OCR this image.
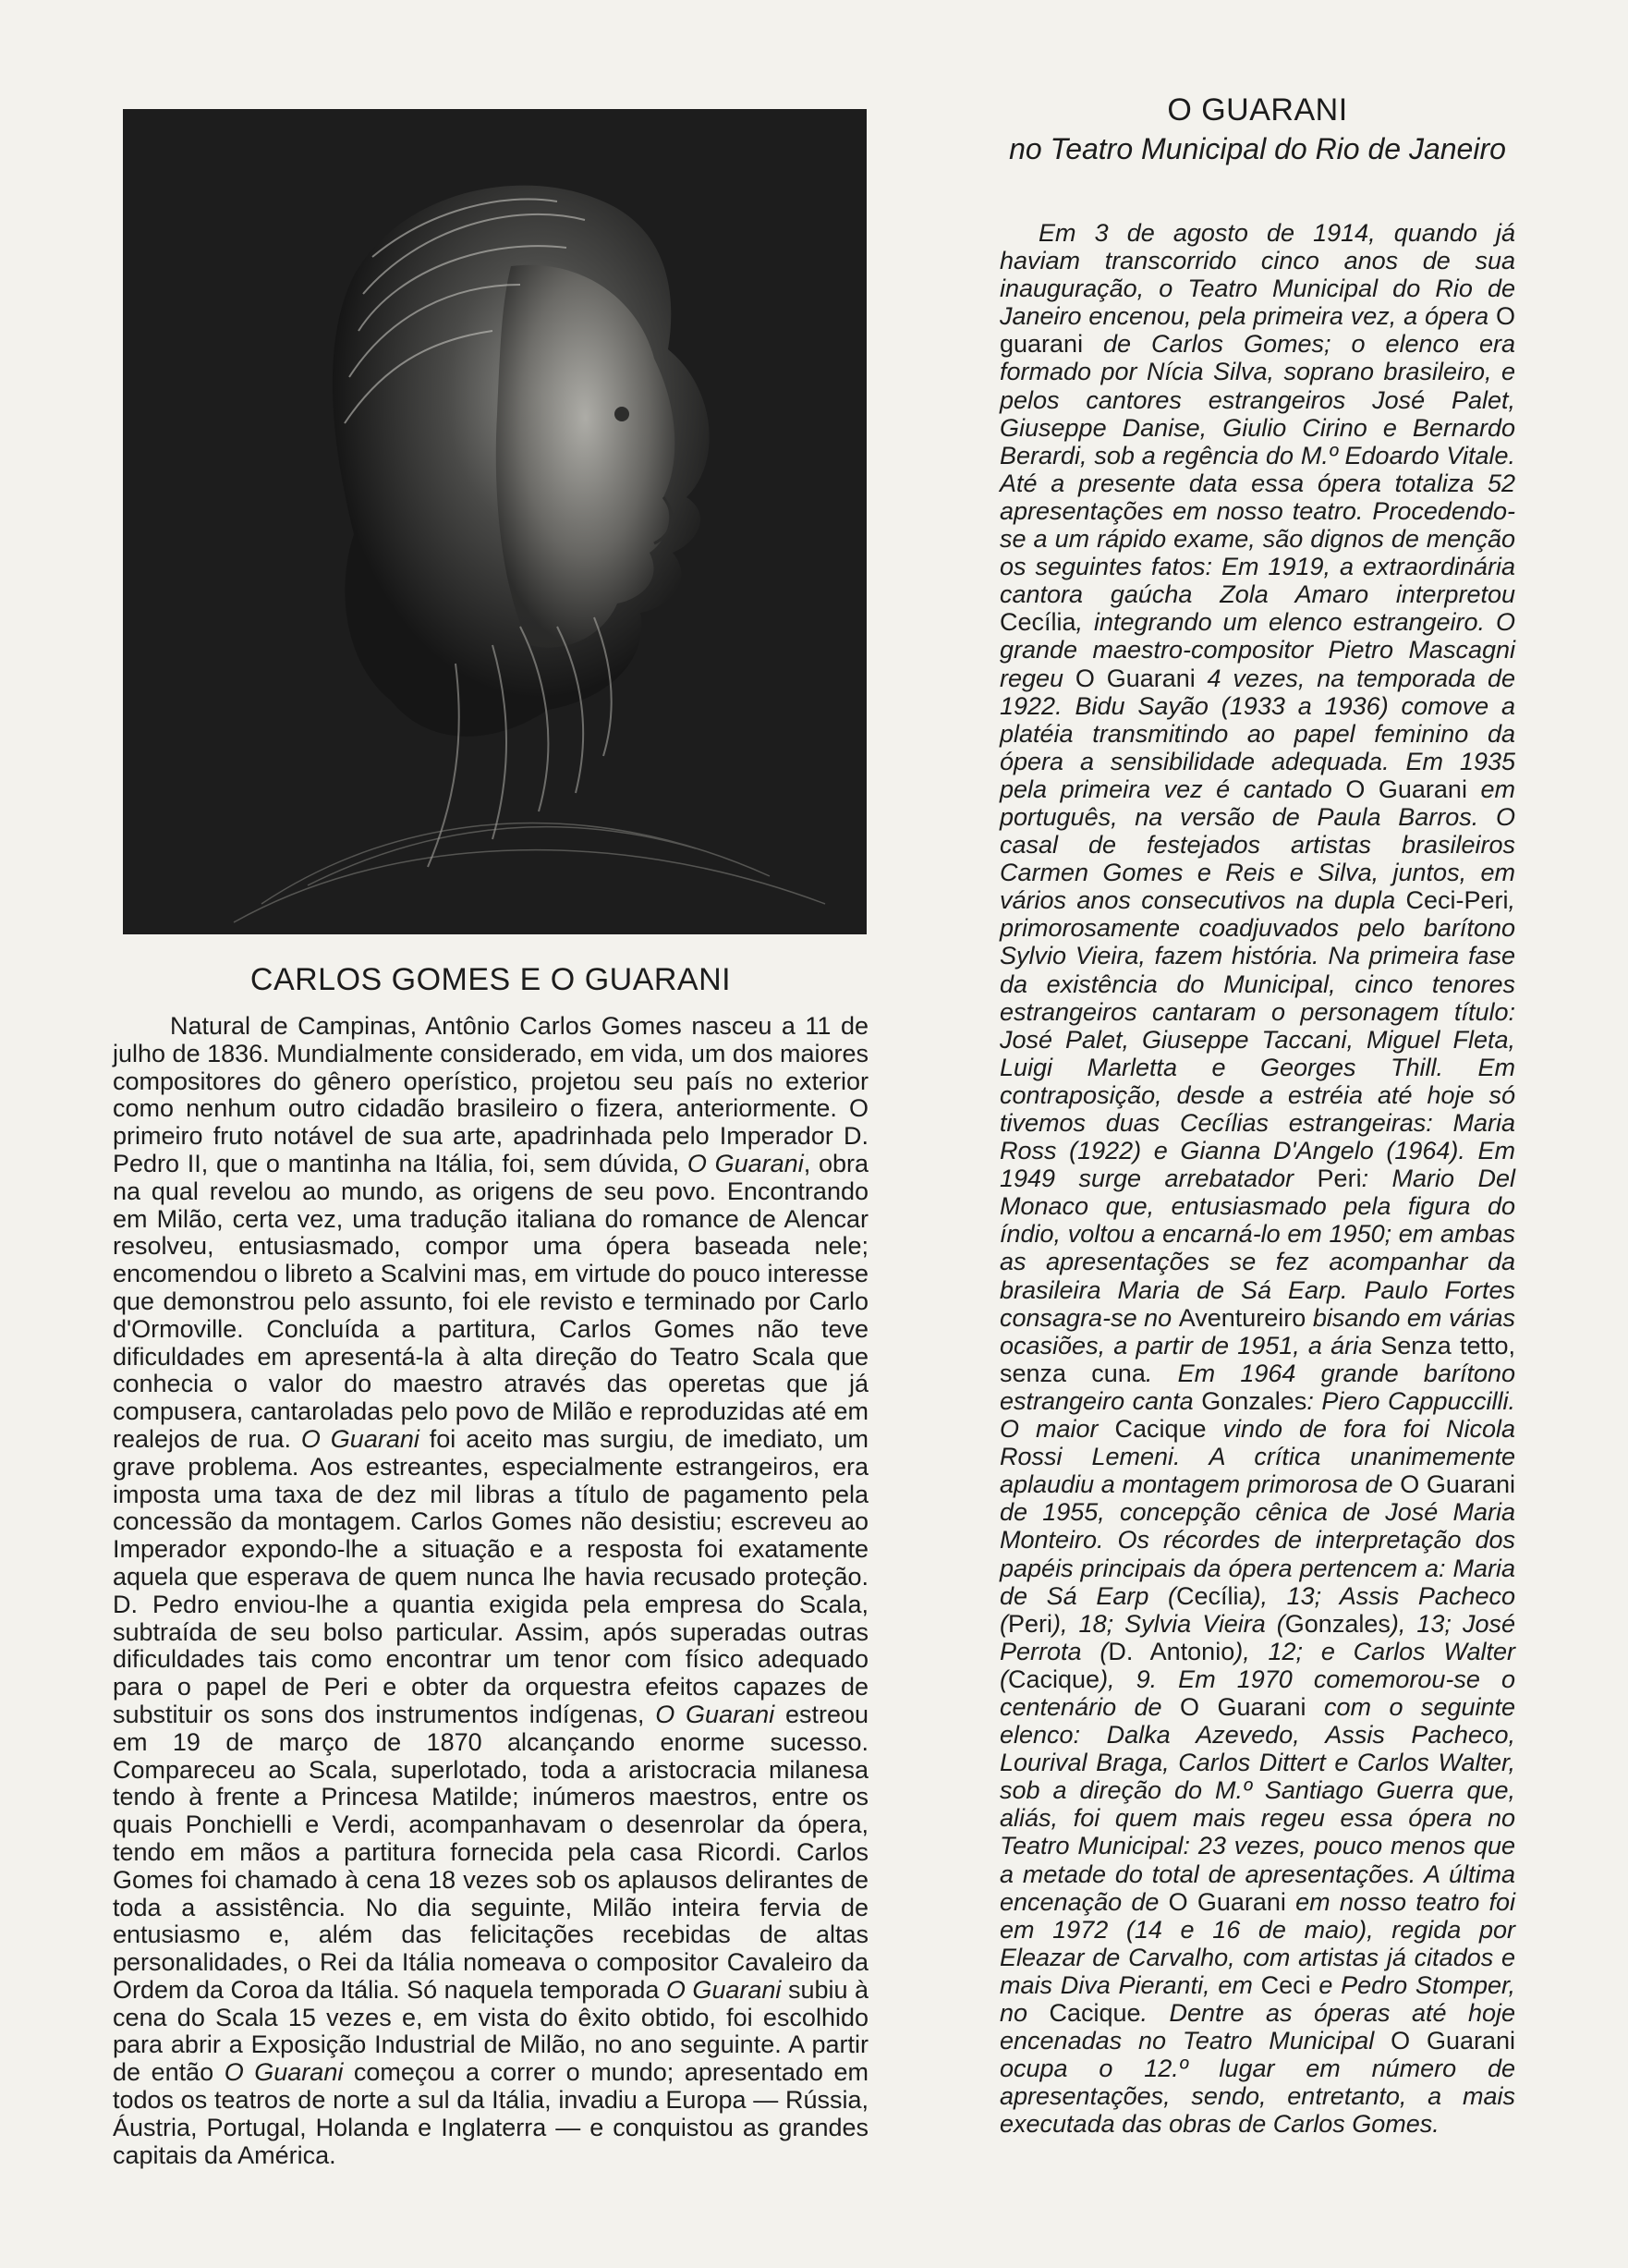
CARLOS GOMES E O GUARANI

Natural de Campinas, Antônio Carlos Gomes nasceu a 11 de julho de 1836. Mundialmente considerado, em vida, um dos maiores compositores do gênero operístico, projetou seu país no exterior como nenhum outro cidadão brasileiro o fizera, anteriormente. O primeiro fruto notável de sua arte, apadrinhada pelo Imperador D. Pedro II, que o mantinha na Itália, foi, sem dúvida, O Guarani, obra na qual revelou ao mundo, as origens de seu povo. Encontrando em Milão, certa vez, uma tradução italiana do romance de Alencar resolveu, entusiasmado, compor uma ópera baseada nele; encomendou o libreto a Scalvini mas, em virtude do pouco interesse que demonstrou pelo assunto, foi ele revisto e terminado por Carlo d'Ormoville. Concluída a partitura, Carlos Gomes não teve dificuldades em apresentá-la à alta direção do Teatro Scala que conhecia o valor do maestro através das operetas que já compusera, cantaroladas pelo povo de Milão e reproduzidas até em realejos de rua. O Guarani foi aceito mas surgiu, de imediato, um grave problema. Aos estreantes, especialmente estrangeiros, era imposta uma taxa de dez mil libras a título de pagamento pela concessão da montagem. Carlos Gomes não desistiu; escreveu ao Imperador expondo-lhe a situação e a resposta foi exatamente aquela que esperava de quem nunca lhe havia recusado proteção. D. Pedro enviou-lhe a quantia exigida pela empresa do Scala, subtraída de seu bolso particular. Assim, após superadas outras dificuldades tais como encontrar um tenor com físico adequado para o papel de Peri e obter da orquestra efeitos capazes de substituir os sons dos instrumentos indígenas, O Guarani estreou em 19 de março de 1870 alcançando enorme sucesso. Compareceu ao Scala, superlotado, toda a aristocracia milanesa tendo à frente a Princesa Matilde; inúmeros maestros, entre os quais Ponchielli e Verdi, acompanhavam o desenrolar da ópera, tendo em mãos a partitura fornecida pela casa Ricordi. Carlos Gomes foi chamado à cena 18 vezes sob os aplausos delirantes de toda a assistência. No dia seguinte, Milão inteira fervia de entusiasmo e, além das felicitações recebidas de altas personalidades, o Rei da Itália nomeava o compositor Cavaleiro da Ordem da Coroa da Itália. Só naquela temporada O Guarani subiu à cena do Scala 15 vezes e, em vista do êxito obtido, foi escolhido para abrir a Exposição Industrial de Milão, no ano seguinte. A partir de então O Guarani começou a correr o mundo; apresentado em todos os teatros de norte a sul da Itália, invadiu a Europa — Rússia, Áustria, Portugal, Holanda e Inglaterra — e conquistou as grandes capitais da América.

O GUARANI
no Teatro Municipal do Rio de Janeiro

Em 3 de agosto de 1914, quando já haviam transcorrido cinco anos de sua inauguração, o Teatro Municipal do Rio de Janeiro encenou, pela primeira vez, a ópera O guarani de Carlos Gomes; o elenco era formado por Nícia Silva, soprano brasileiro, e pelos cantores estrangeiros José Palet, Giuseppe Danise, Giulio Cirino e Bernardo Berardi, sob a regência do M.º Edoardo Vitale. Até a presente data essa ópera totaliza 52 apresentações em nosso teatro. Procedendo-se a um rápido exame, são dignos de menção os seguintes fatos: Em 1919, a extraordinária cantora gaúcha Zola Amaro interpretou Cecília, integrando um elenco estrangeiro. O grande maestro-compositor Pietro Mascagni regeu O Guarani 4 vezes, na temporada de 1922. Bidu Sayão (1933 a 1936) comove a platéia transmitindo ao papel feminino da ópera a sensibilidade adequada. Em 1935 pela primeira vez é cantado O Guarani em português, na versão de Paula Barros. O casal de festejados artistas brasileiros Carmen Gomes e Reis e Silva, juntos, em vários anos consecutivos na dupla Ceci-Peri, primorosamente coadjuvados pelo barítono Sylvio Vieira, fazem história. Na primeira fase da existência do Municipal, cinco tenores estrangeiros cantaram o personagem título: José Palet, Giuseppe Taccani, Miguel Fleta, Luigi Marletta e Georges Thill. Em contraposição, desde a estréia até hoje só tivemos duas Cecílias estrangeiras: Maria Ross (1922) e Gianna D'Angelo (1964). Em 1949 surge arrebatador Peri: Mario Del Monaco que, entusiasmado pela figura do índio, voltou a encarná-lo em 1950; em ambas as apresentações se fez acompanhar da brasileira Maria de Sá Earp. Paulo Fortes consagra-se no Aventureiro bisando em várias ocasiões, a partir de 1951, a ária Senza tetto, senza cuna. Em 1964 grande barítono estrangeiro canta Gonzales: Piero Cappuccilli. O maior Cacique vindo de fora foi Nicola Rossi Lemeni. A crítica unanimemente aplaudiu a montagem primorosa de O Guarani de 1955, concepção cênica de José Maria Monteiro. Os récordes de interpretação dos papéis principais da ópera pertencem a: Maria de Sá Earp (Cecília), 13; Assis Pacheco (Peri), 18; Sylvia Vieira (Gonzales), 13; José Perrota (D. Antonio), 12; e Carlos Walter (Cacique), 9. Em 1970 comemorou-se o centenário de O Guarani com o seguinte elenco: Dalka Azevedo, Assis Pacheco, Lourival Braga, Carlos Dittert e Carlos Walter, sob a direção do M.º Santiago Guerra que, aliás, foi quem mais regeu essa ópera no Teatro Municipal: 23 vezes, pouco menos que a metade do total de apresentações. A última encenação de O Guarani em nosso teatro foi em 1972 (14 e 16 de maio), regida por Eleazar de Carvalho, com artistas já citados e mais Diva Pieranti, em Ceci e Pedro Stomper, no Cacique. Dentre as óperas até hoje encenadas no Teatro Municipal O Guarani ocupa o 12.º lugar em número de apresentações, sendo, entretanto, a mais executada das obras de Carlos Gomes.
